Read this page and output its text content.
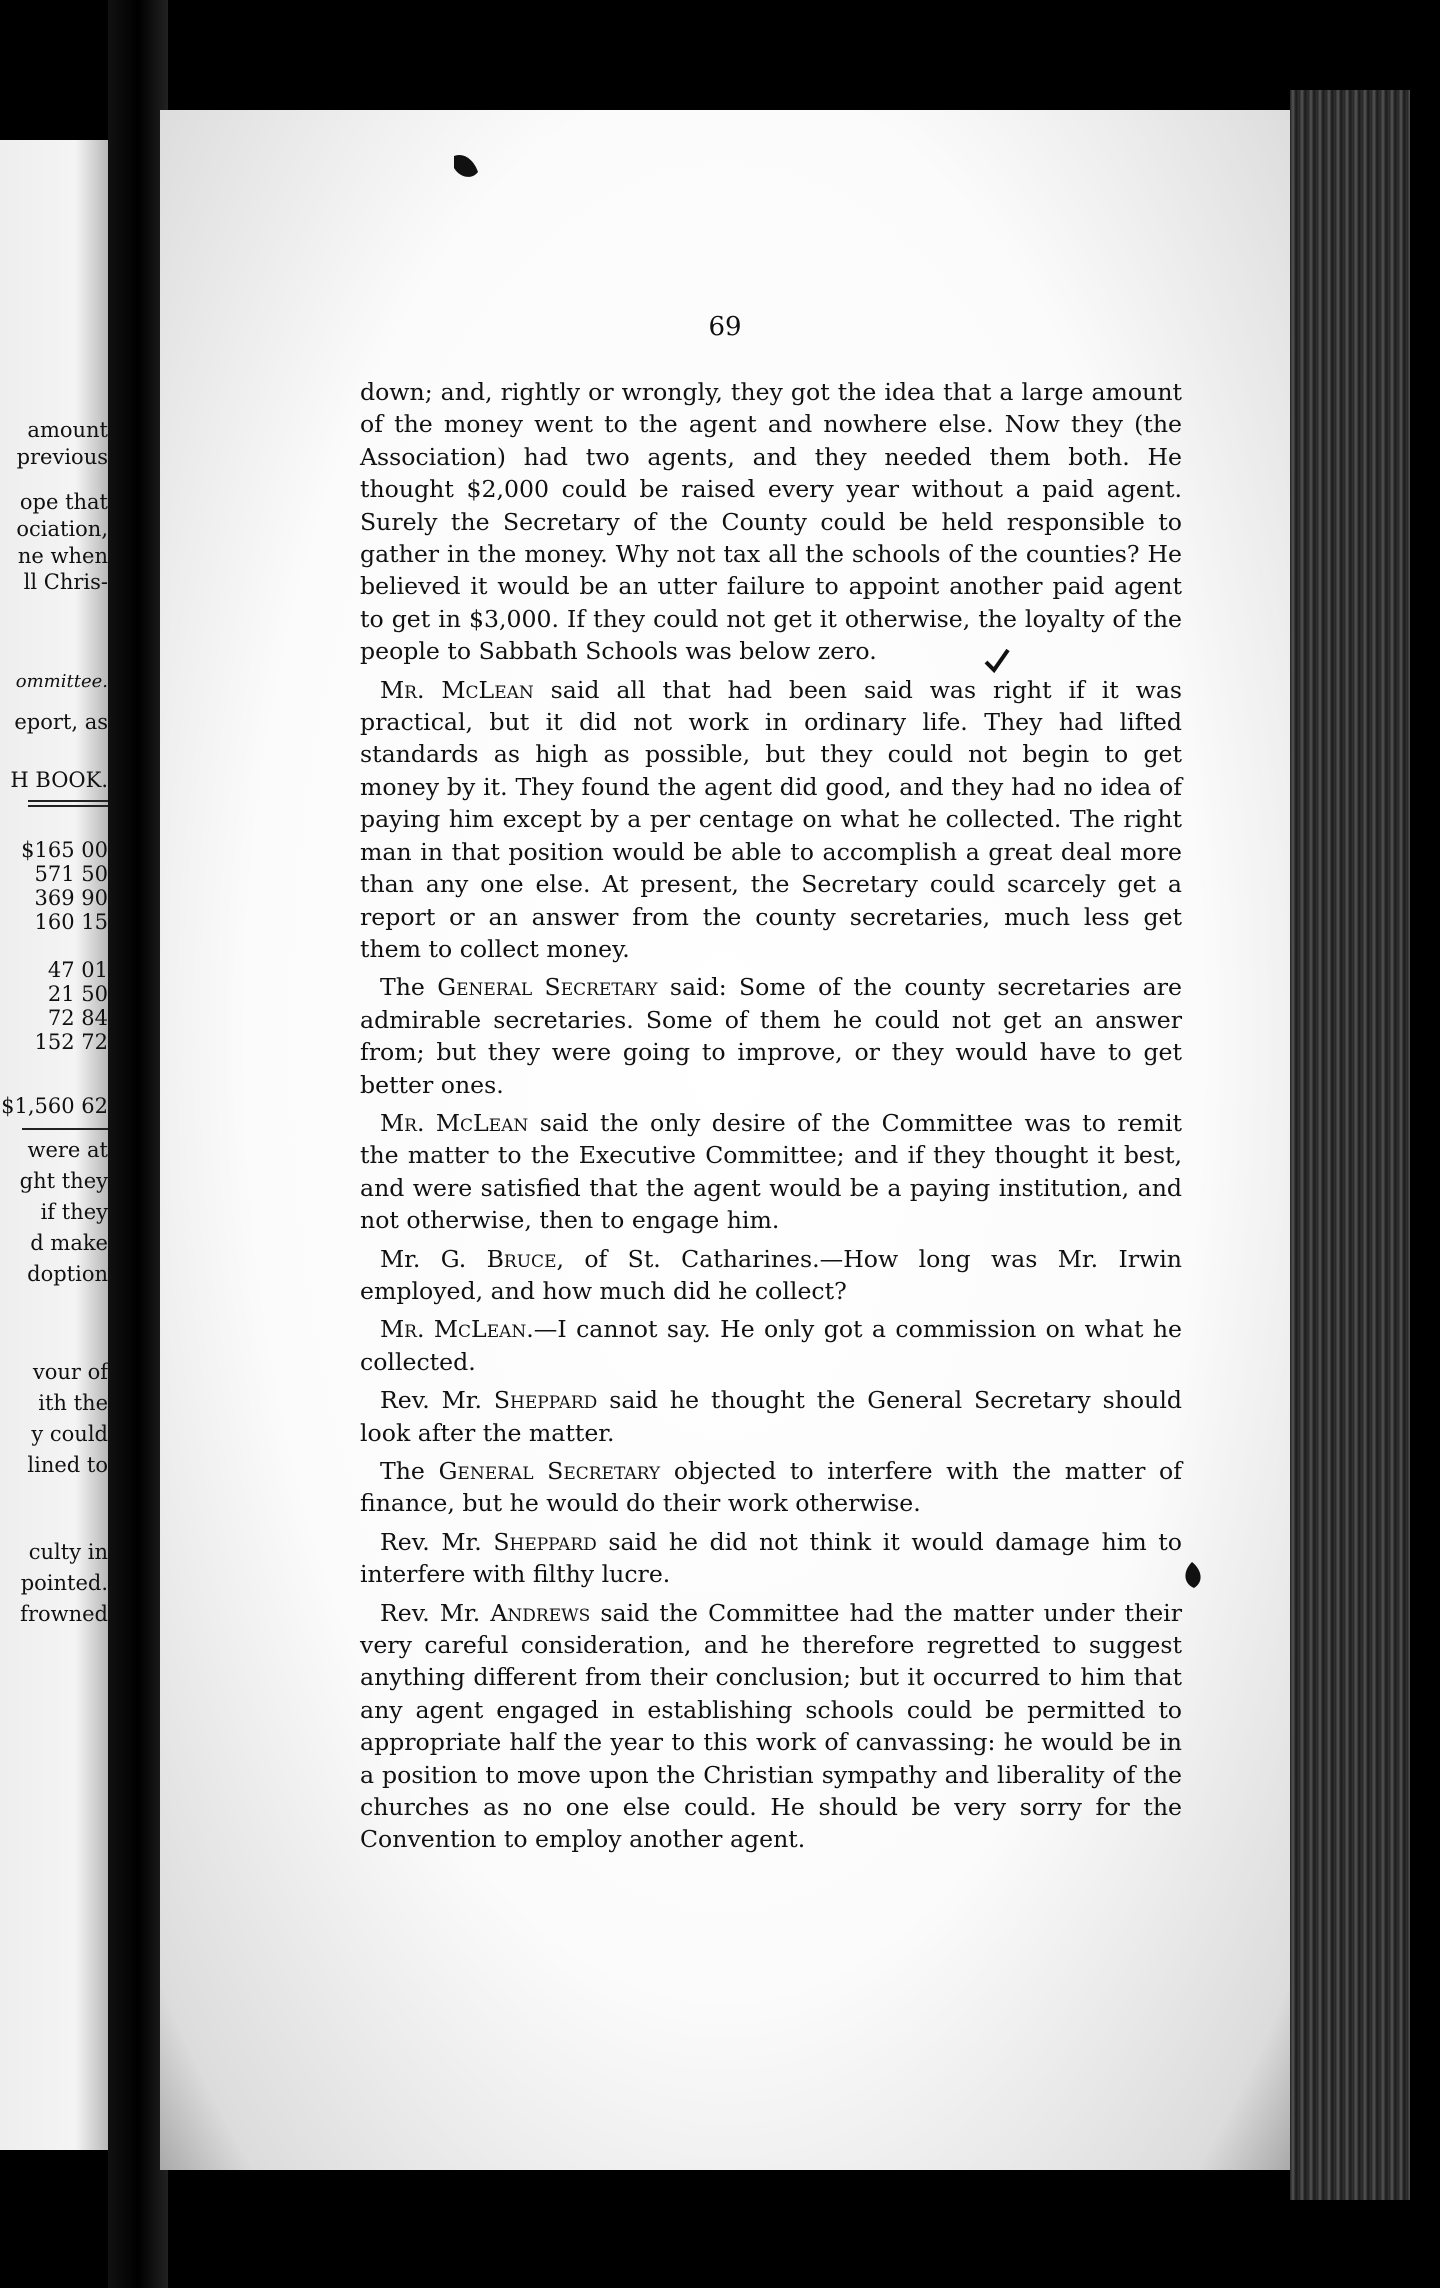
amount
previous
ope that
ociation,
ne when
ll Chris-
ommittee.
eport, as
H BOOK.
$165 00
571 50
369 90
160 15
47 01
21 50
72 84
152 72
$1,560 62
were at
ght they
if they
d make
doption
vour of
ith the
y could
lined to
culty in
pointed.
frowned
69

down; and, rightly or wrongly, they got the idea that a large amount of the money went to the agent and nowhere else. Now they (the Association) had two agents, and they needed them both. He thought $2,000 could be raised every year without a paid agent. Surely the Secretary of the County could be held responsible to gather in the money. Why not tax all the schools of the counties? He believed it would be an utter failure to appoint another paid agent to get in $3,000. If they could not get it otherwise, the loyalty of the people to Sabbath Schools was below zero.

Mr. McLean said all that had been said was right if it was practical, but it did not work in ordinary life. They had lifted standards as high as possible, but they could not begin to get money by it. They found the agent did good, and they had no idea of paying him except by a per centage on what he collected. The right man in that position would be able to accomplish a great deal more than any one else. At present, the Secretary could scarcely get a report or an answer from the county secretaries, much less get them to collect money.

The General Secretary said: Some of the county secretaries are admirable secretaries. Some of them he could not get an answer from; but they were going to improve, or they would have to get better ones.

Mr. McLean said the only desire of the Committee was to remit the matter to the Executive Committee; and if they thought it best, and were satisfied that the agent would be a paying institution, and not otherwise, then to engage him.

Mr. G. Bruce, of St. Catharines.—How long was Mr. Irwin employed, and how much did he collect?

Mr. McLean.—I cannot say. He only got a commission on what he collected.

Rev. Mr. Sheppard said he thought the General Secretary should look after the matter.

The General Secretary objected to interfere with the matter of finance, but he would do their work otherwise.

Rev. Mr. Sheppard said he did not think it would damage him to interfere with filthy lucre.

Rev. Mr. Andrews said the Committee had the matter under their very careful consideration, and he therefore regretted to suggest anything different from their conclusion; but it occurred to him that any agent engaged in establishing schools could be permitted to appropriate half the year to this work of canvassing: he would be in a position to move upon the Christian sympathy and liberality of the churches as no one else could. He should be very sorry for the Convention to employ another agent.
